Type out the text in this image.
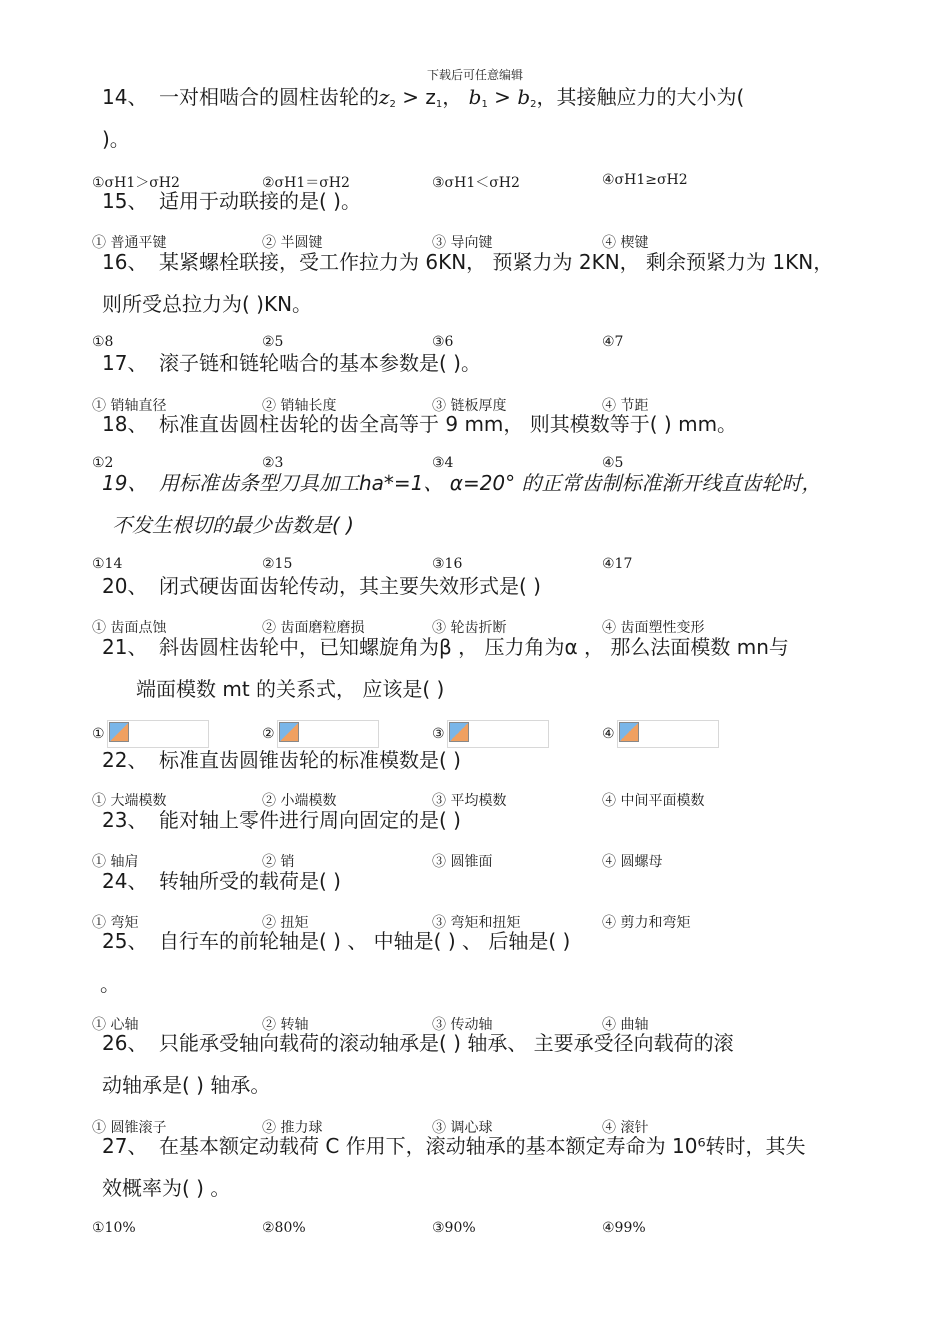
下载后可任意编辑
14、 一对相啮合的圆柱齿轮的$z_2 > z_1$， $b_1 > b_2$，其接触应力的大小为(
)。
①σH1＞σH2	②σH1＝σH2	③σH1＜σH2	④σH1≥σH2
15、 适用于动联接的是( )。
① 普通平键	② 半圆键	③ 导向键	④ 楔键
16、 某紧螺栓联接，受工作拉力为 6KN， 预紧力为 2KN， 剩余预紧力为 1KN，
则所受总拉力为( )KN。
①8	②5	③6	④7
17、 滚子链和链轮啮合的基本参数是( )。
① 销轴直径	② 销轴长度	③ 链板厚度	④ 节距
18、 标准直齿圆柱齿轮的齿全高等于 9 mm， 则其模数等于( ) mm。
①2	②3	③4	④5
19、 用标准齿条型刀具加工ha*=1、 α=20° 的正常齿制标准渐开线直齿轮时，
不发生根切的最少齿数是( )
①14	②15	③16	④17
20、 闭式硬齿面齿轮传动，其主要失效形式是( )
① 齿面点蚀	② 齿面磨粒磨损	③ 轮齿折断	④ 齿面塑性变形
21、 斜齿圆柱齿轮中，已知螺旋角为β ， 压力角为α ， 那么法面模数 mn与
端面模数 mt 的关系式， 应该是( )
①	②	③	④
22、 标准直齿圆锥齿轮的标准模数是( )
① 大端模数	② 小端模数	③ 平均模数	④ 中间平面模数
23、 能对轴上零件进行周向固定的是( )
① 轴肩	② 销	③ 圆锥面	④ 圆螺母
24、 转轴所受的载荷是( )
① 弯矩	② 扭矩	③ 弯矩和扭矩	④ 剪力和弯矩
25、 自行车的前轮轴是( ) 、 中轴是( ) 、 后轴是( )
。
① 心轴	② 转轴	③ 传动轴	④ 曲轴
26、 只能承受轴向载荷的滚动轴承是( ) 轴承、 主要承受径向载荷的滚
动轴承是( ) 轴承。
① 圆锥滚子	② 推力球	③ 调心球	④ 滚针
27、 在基本额定动载荷 C 作用下，滚动轴承的基本额定寿命为 10⁶转时，其失
效概率为( ) 。
①10%	②80%	③90%	④99%
